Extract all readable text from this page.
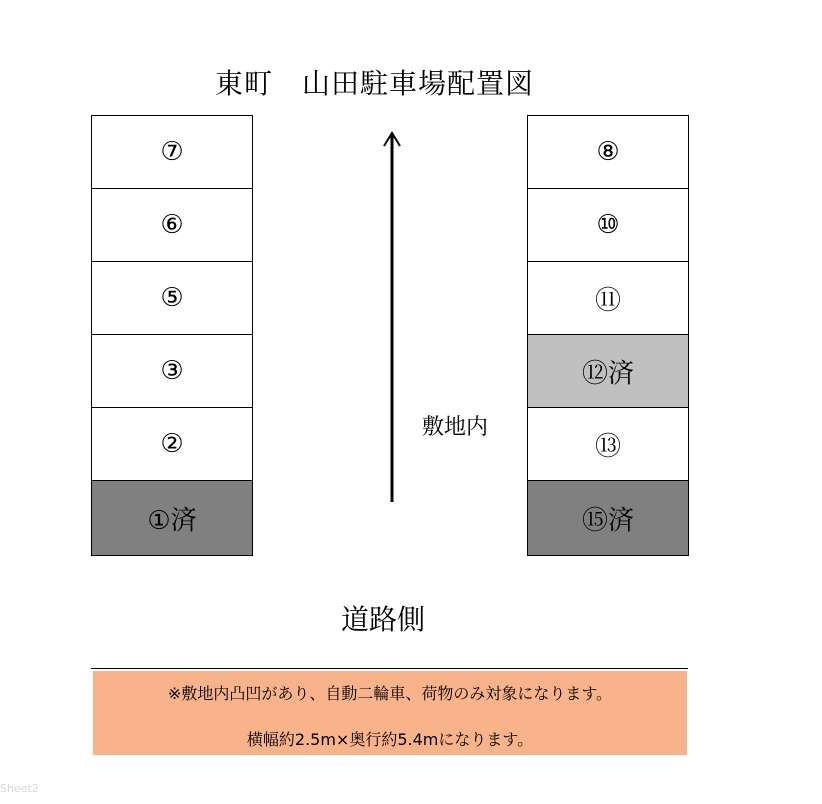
東町　山田駐車場配置図
⑦
⑥
⑤
③
②
①済
⑧
⑩
⑪
⑫済
⑬
⑮済
敷地内
道路側
※敷地内凸凹があり、自動二輪車、荷物のみ対象になります。
横幅約2.5m×奥行約5.4mになります。
Sheet2
